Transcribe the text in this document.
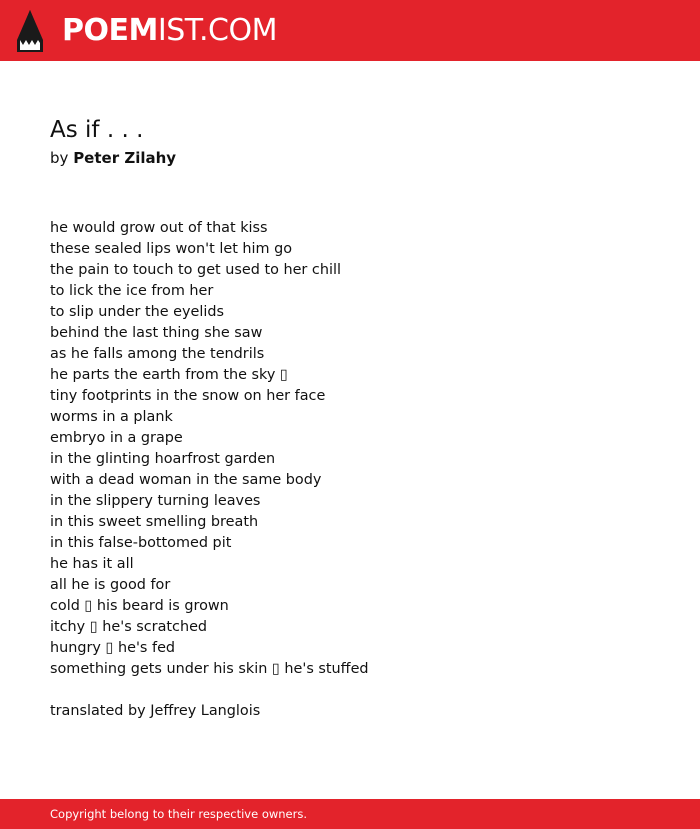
POEMIST.COM
As if . . .
by Peter Zilahy
he would grow out of that kiss
these sealed lips won't let him go
the pain to touch to get used to her chill
to lick the ice from her
to slip under the eyelids
behind the last thing she saw
as he falls among the tendrils
he parts the earth from the sky ▯
tiny footprints in the snow on her face
worms in a plank
embryo in a grape
in the glinting hoarfrost garden
with a dead woman in the same body
in the slippery turning leaves
in this sweet smelling breath
in this false-bottomed pit
he has it all
all he is good for
cold ▯ his beard is grown
itchy ▯ he's scratched
hungry ▯ he's fed
something gets under his skin ▯ he's stuffed
translated by Jeffrey Langlois
Copyright belong to their respective owners.
